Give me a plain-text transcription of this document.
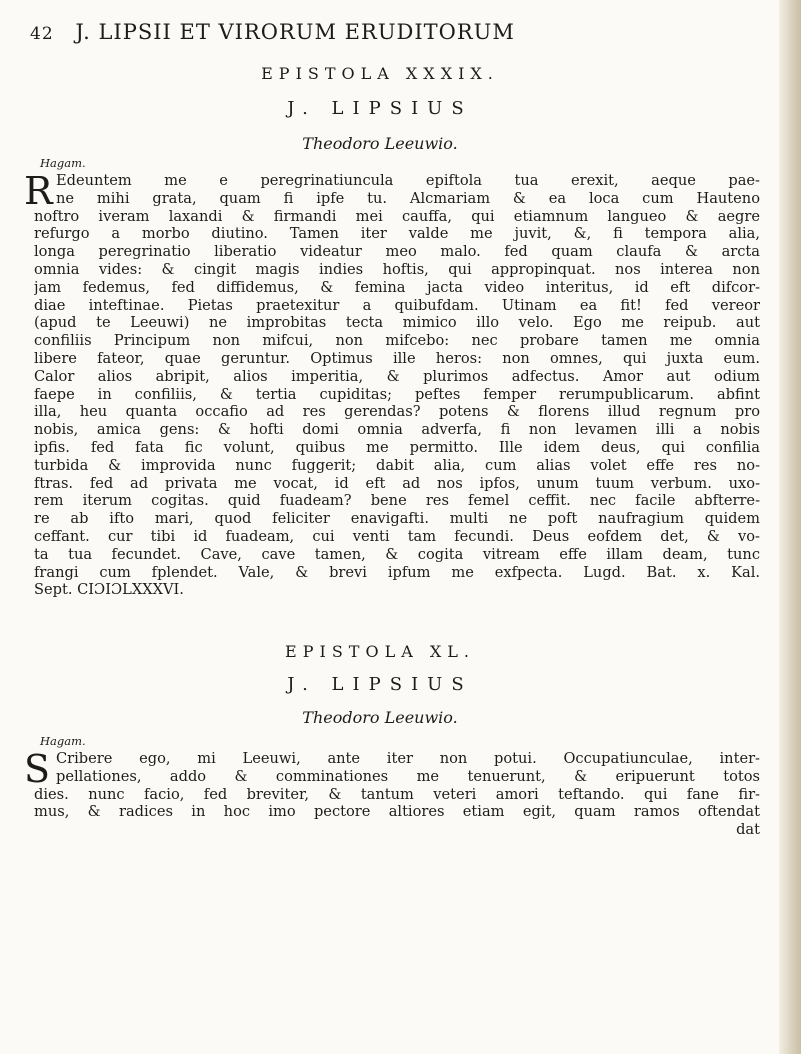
42 J. LIPSII ET VIRORUM ERUDITORUM
EPISTOLA XXXIX.
J. LIPSIUS
Theodoro Leeuwio.
Hagam.
R Edeuntem me e peregrinatiuncula epiftola tua erexit, aeque pae-
ne mihi grata, quam fi ipfe tu. Alcmariam & ea loca cum Hauteno
noftro iveram laxandi & firmandi mei cauffa, qui etiamnum langueo & aegre
refurgo a morbo diutino. Tamen iter valde me juvit, &, fi tempora alia,
longa peregrinatio liberatio videatur meo malo. fed quam claufa & arcta
omnia vides: & cingit magis indies hoftis, qui appropinquat. nos interea non
jam fedemus, fed diffidemus, & femina jacta video interitus, id eft difcor-
diae inteftinae. Pietas praetexitur a quibufdam. Utinam ea fit! fed vereor
(apud te Leeuwi) ne improbitas tecta mimico illo velo. Ego me reipub. aut
confiliis Principum non mifcui, non mifcebo: nec probare tamen me omnia
libere fateor, quae geruntur. Optimus ille heros: non omnes, qui juxta eum.
Calor alios abripit, alios imperitia, & plurimos adfectus. Amor aut odium
faepe in confiliis, & tertia cupiditas; peftes femper rerumpublicarum. abfint
illa, heu quanta occafio ad res gerendas? potens & florens illud regnum pro
nobis, amica gens: & hofti domi omnia adverfa, fi non levamen illi a nobis
ipfis. fed fata fic volunt, quibus me permitto. Ille idem deus, qui confilia
turbida & improvida nunc fuggerit; dabit alia, cum alias volet effe res no-
ftras. fed ad privata me vocat, id eft ad nos ipfos, unum tuum verbum. uxo-
rem iterum cogitas. quid fuadeam? bene res femel ceffit. nec facile abfterre-
re ab ifto mari, quod feliciter enavigafti. multi ne poft naufragium quidem
ceffant. cur tibi id fuadeam, cui venti tam fecundi. Deus eofdem det, & vo-
ta tua fecundet. Cave, cave tamen, & cogita vitream effe illam deam, tunc
frangi cum fplendet. Vale, & brevi ipfum me exfpecta. Lugd. Bat. x. Kal.
Sept. CIƆIƆLXXXVI.
EPISTOLA XL.
J. LIPSIUS
Theodoro Leeuwio.
Hagam.
S Cribere ego, mi Leeuwi, ante iter non potui. Occupatiunculae, inter-
pellationes, addo & comminationes me tenuerunt, & eripuerunt totos
dies. nunc facio, fed breviter, & tantum veteri amori teftando. qui fane fir-
mus, & radices in hoc imo pectore altiores etiam egit, quam ramos oftendat
dat
